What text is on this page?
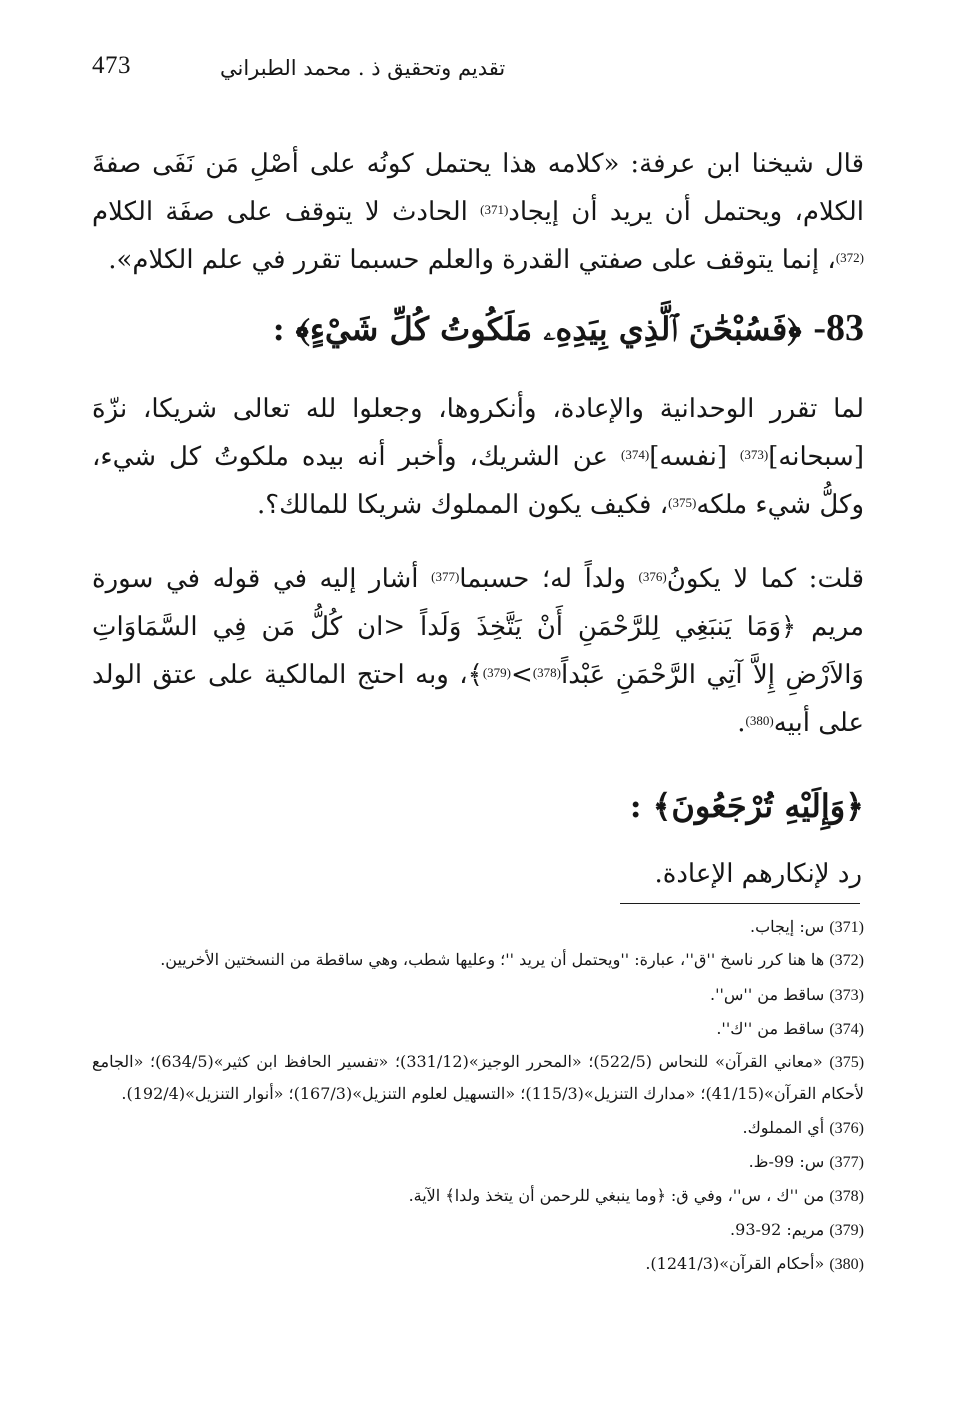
473	تقديم وتحقيق ذ . محمد الطبراني

قال شيخنا ابن عرفة: «كلامه هذا يحتمل كونُه على أصْلِ مَن نَفَى صفةَ الكلام، ويحتمل أن يريد أن إيجاد$^{(371)}$ الحادث لا يتوقف على صفَة الكلام $^{(372)}$، إنما يتوقف على صفتي القدرة والعلم حسبما تقرر في علم الكلام».

83- ﴿فَسُبْحَٰنَ ٱلَّذِي بِيَدِهِۦ مَلَكُوتُ كُلِّ شَيْءٍ﴾ :

لما تقرر الوحدانية والإعادة، وأنكروها، وجعلوا لله تعالى شريكا، نزّهَ [سبحانه]$^{(373)}$ [نفسه]$^{(374)}$ عن الشريك، وأخبر أنه بيده ملكوتُ كل شيء، وكلُّ شيء ملكه$^{(375)}$، فكيف يكون المملوك شريكا للمالك؟.

قلت: كما لا يكونُ$^{(376)}$ ولداً له؛ حسبما$^{(377)}$ أشار إليه في قوله في سورة مريم ﴿وَمَا يَنبَغِي لِلرَّحْمَنِ أَنْ يَتَّخِذَ وَلَداً <ان كُلُّ مَن فِي السَّمَاوَاتِ وَالاَرْضِ إِلاَّ آتِي الرَّحْمَنِ عَبْداً$^{(378)}$>$^{(379)}$﴾، وبه احتج المالكية على عتق الولد على أبيه$^{(380)}$.

﴿وَإِلَيْهِ تُرْجَعُونَ﴾ :

رد لإنكارهم الإعادة.

(371) س: إيجاب.
(372) ها هنا كرر ناسخ ''ق''، عبارة: ''ويحتمل أن يريد ''؛ وعليها شطب، وهي ساقطة من النسختين الأخريين.
(373) ساقط من ''س''.
(374) ساقط من ''ك''.
(375) «معاني القرآن» للنحاس (522/5)؛ «المحرر الوجيز»(331/12)؛ «تفسير الحافظ ابن كثير»(634/5)؛ «الجامع لأحكام القرآن»(41/15)؛ «مدارك التنزيل»(115/3)؛ «التسهيل لعلوم التنزيل»(167/3)؛ «أنوار التنزيل»(192/4).
(376) أي المملوك.
(377) س: 99-ظ.
(378) من ''ك ، س''، وفي ق: ﴿وما ينبغي للرحمن أن يتخذ ولدا﴾ الآية.
(379) مريم: 92-93.
(380) «أحكام القرآن»(1241/3).
